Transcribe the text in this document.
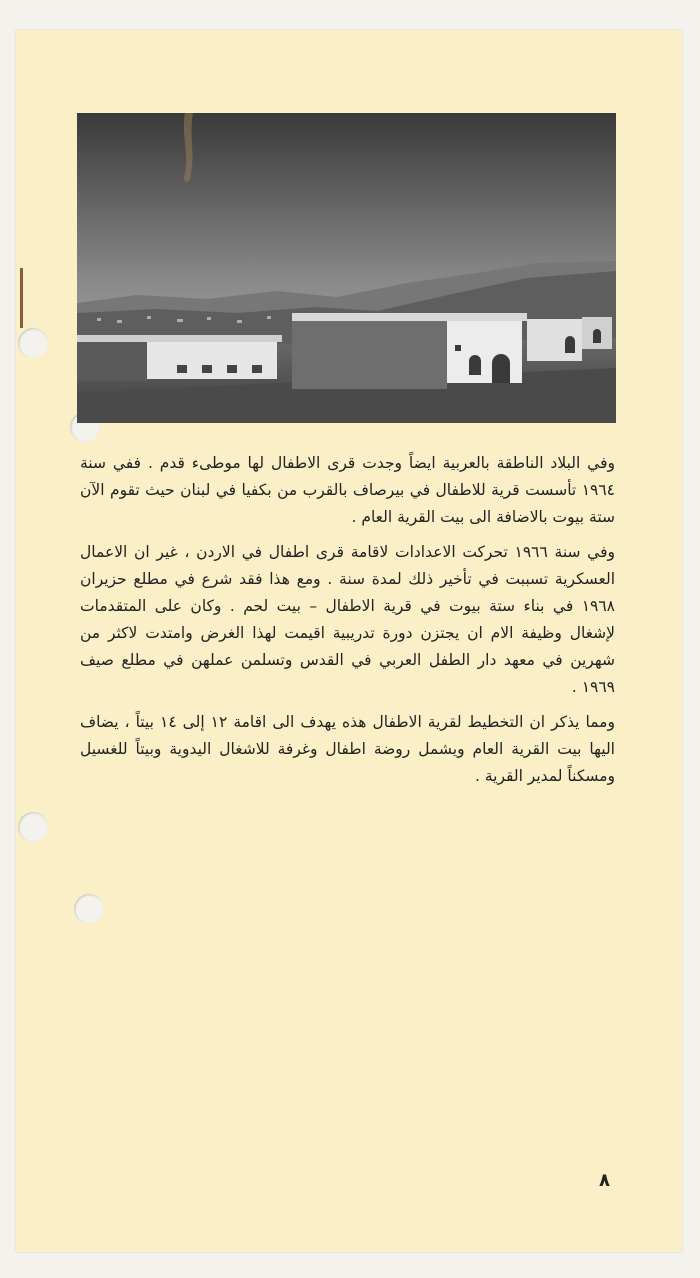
وفي البلاد الناطقة بالعربية ايضاً وجدت قرى الاطفال لها موطىء قدم . ففي سنة ١٩٦٤ تأسست قرية للاطفال في بيرصاف بالقرب من بكفيا في لبنان حيث تقوم الآن ستة بيوت بالاضافة الى بيت القرية العام .

وفي سنة ١٩٦٦ تحركت الاعدادات لاقامة قرى اطفال في الاردن ، غير ان الاعمال العسكرية تسببت في تأخير ذلك لمدة سنة . ومع هذا فقد شرع في مطلع حزيران ١٩٦٨ في بناء ستة بيوت في قرية الاطفال – بيت لحم . وكان على المتقدمات لإشغال وظيفة الام ان يجتزن دورة تدريبية اقيمت لهذا الغرض وامتدت لاكثر من شهرين في معهد دار الطفل العربي في القدس وتسلمن عملهن في مطلع صيف ١٩٦٩ .

ومما يذكر ان التخطيط لقرية الاطفال هذه يهدف الى اقامة ١٢ إلى ١٤ بيتاً ، يضاف اليها بيت القرية العام ويشمل روضة اطفال وغرفة للاشغال اليدوية وبيتاً للغسيل ومسكناً لمدير القرية .

٨
